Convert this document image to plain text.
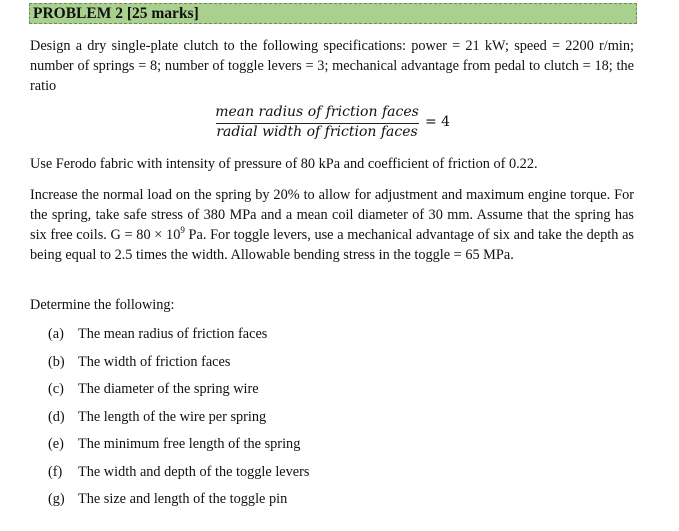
PROBLEM 2 [25 marks]

Design a dry single-plate clutch to the following specifications: power = 21 kW; speed = 2200 r/min; number of springs = 8; number of toggle levers = 3; mechanical advantage from pedal to clutch = 18; the ratio

mean radius of friction faces
radial width of friction faces
= 4

Use Ferodo fabric with intensity of pressure of 80 kPa and coefficient of friction of 0.22.

Increase the normal load on the spring by 20% to allow for adjustment and maximum engine torque. For the spring, take safe stress of 380 MPa and a mean coil diameter of 30 mm. Assume that the spring has six free coils. $G = 80 \times 10^9$ Pa. For toggle levers, use a mechanical advantage of six and take the depth as being equal to 2.5 times the width. Allowable bending stress in the toggle = 65 MPa.

Determine the following:

(a) The mean radius of friction faces
(b) The width of friction faces
(c) The diameter of the spring wire
(d) The length of the wire per spring
(e) The minimum free length of the spring
(f) The width and depth of the toggle levers
(g) The size and length of the toggle pin
